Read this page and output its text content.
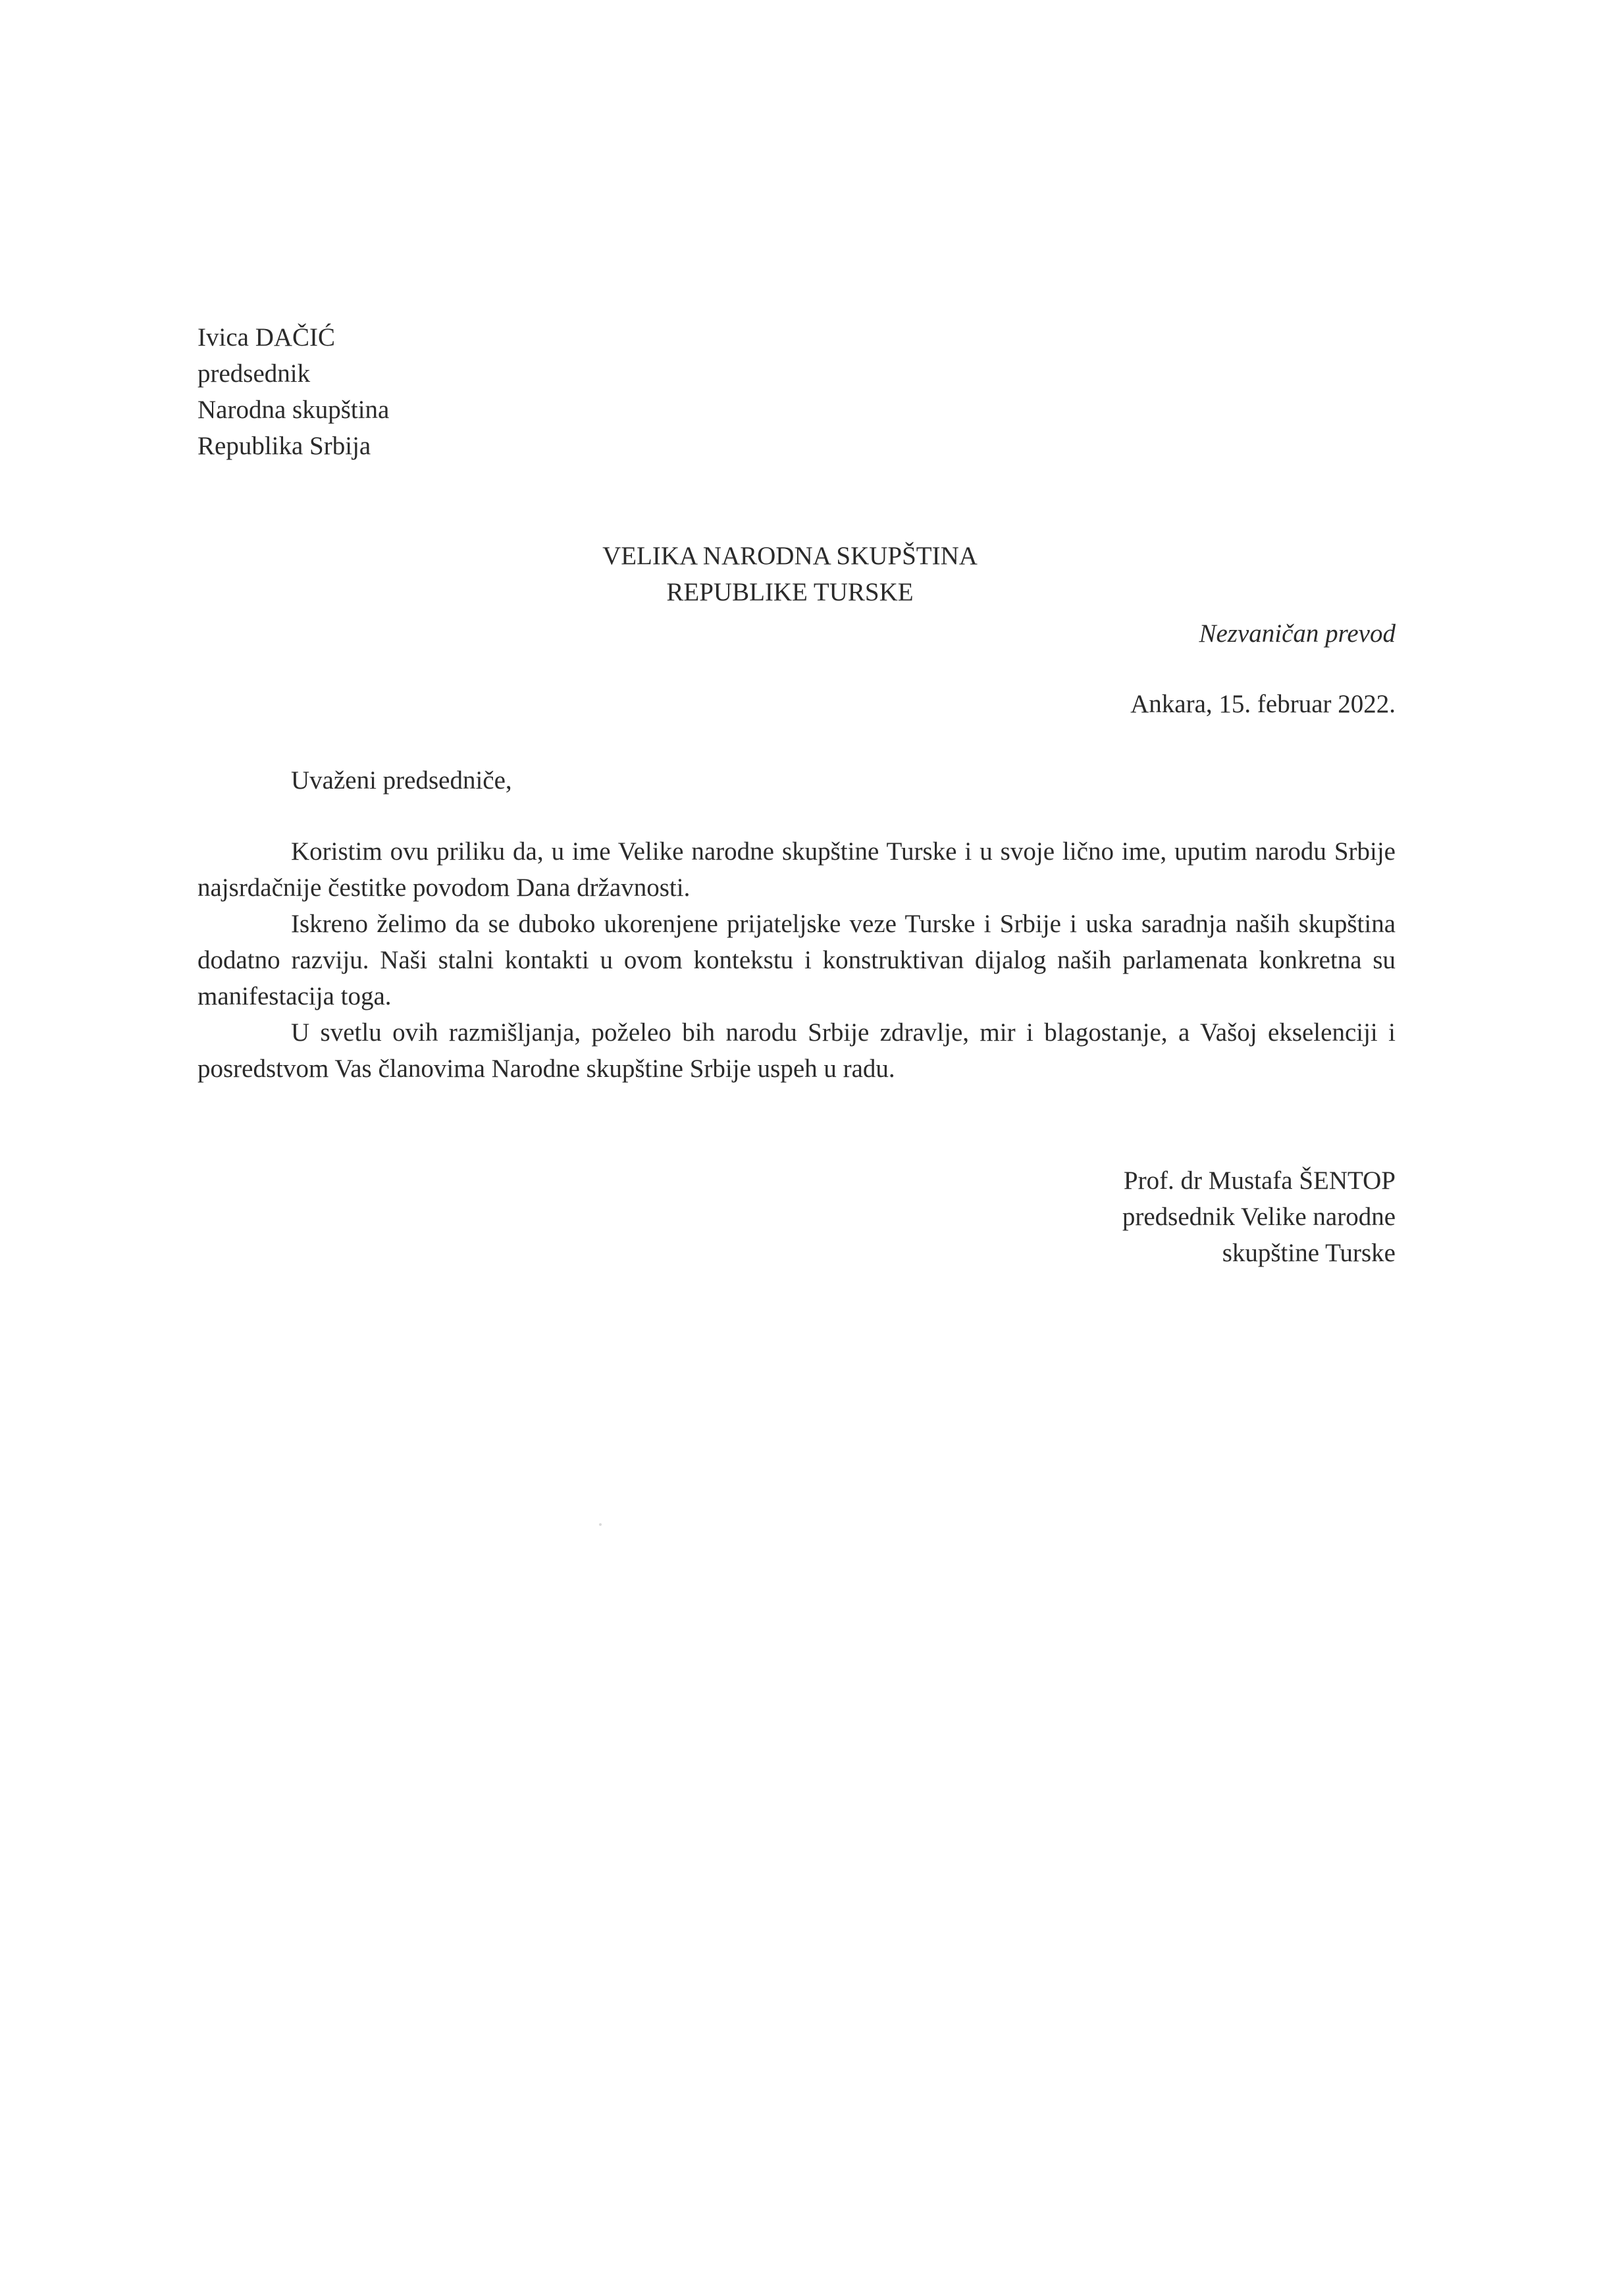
Ivica DAČIĆ
predsednik
Narodna skupština
Republika Srbija
VELIKA NARODNA SKUPŠTINA
REPUBLIKE TURSKE
Nezvaničan prevod
Ankara, 15. februar 2022.
Uvaženi predsedniče,

Koristim ovu priliku da, u ime Velike narodne skupštine Turske i u svoje lično ime, uputim narodu Srbije najsrdačnije čestitke povodom Dana državnosti.

Iskreno želimo da se duboko ukorenjene prijateljske veze Turske i Srbije i uska saradnja naših skupština dodatno razviju. Naši stalni kontakti u ovom kontekstu i konstruktivan dijalog naših parlamenata konkretna su manifestacija toga.

U svetlu ovih razmišljanja, poželeo bih narodu Srbije zdravlje, mir i blagostanje, a Vašoj ekselenciji i posredstvom Vas članovima Narodne skupštine Srbije uspeh u radu.

Prof. dr Mustafa ŠENTOP
predsednik Velike narodne
skupštine Turske
